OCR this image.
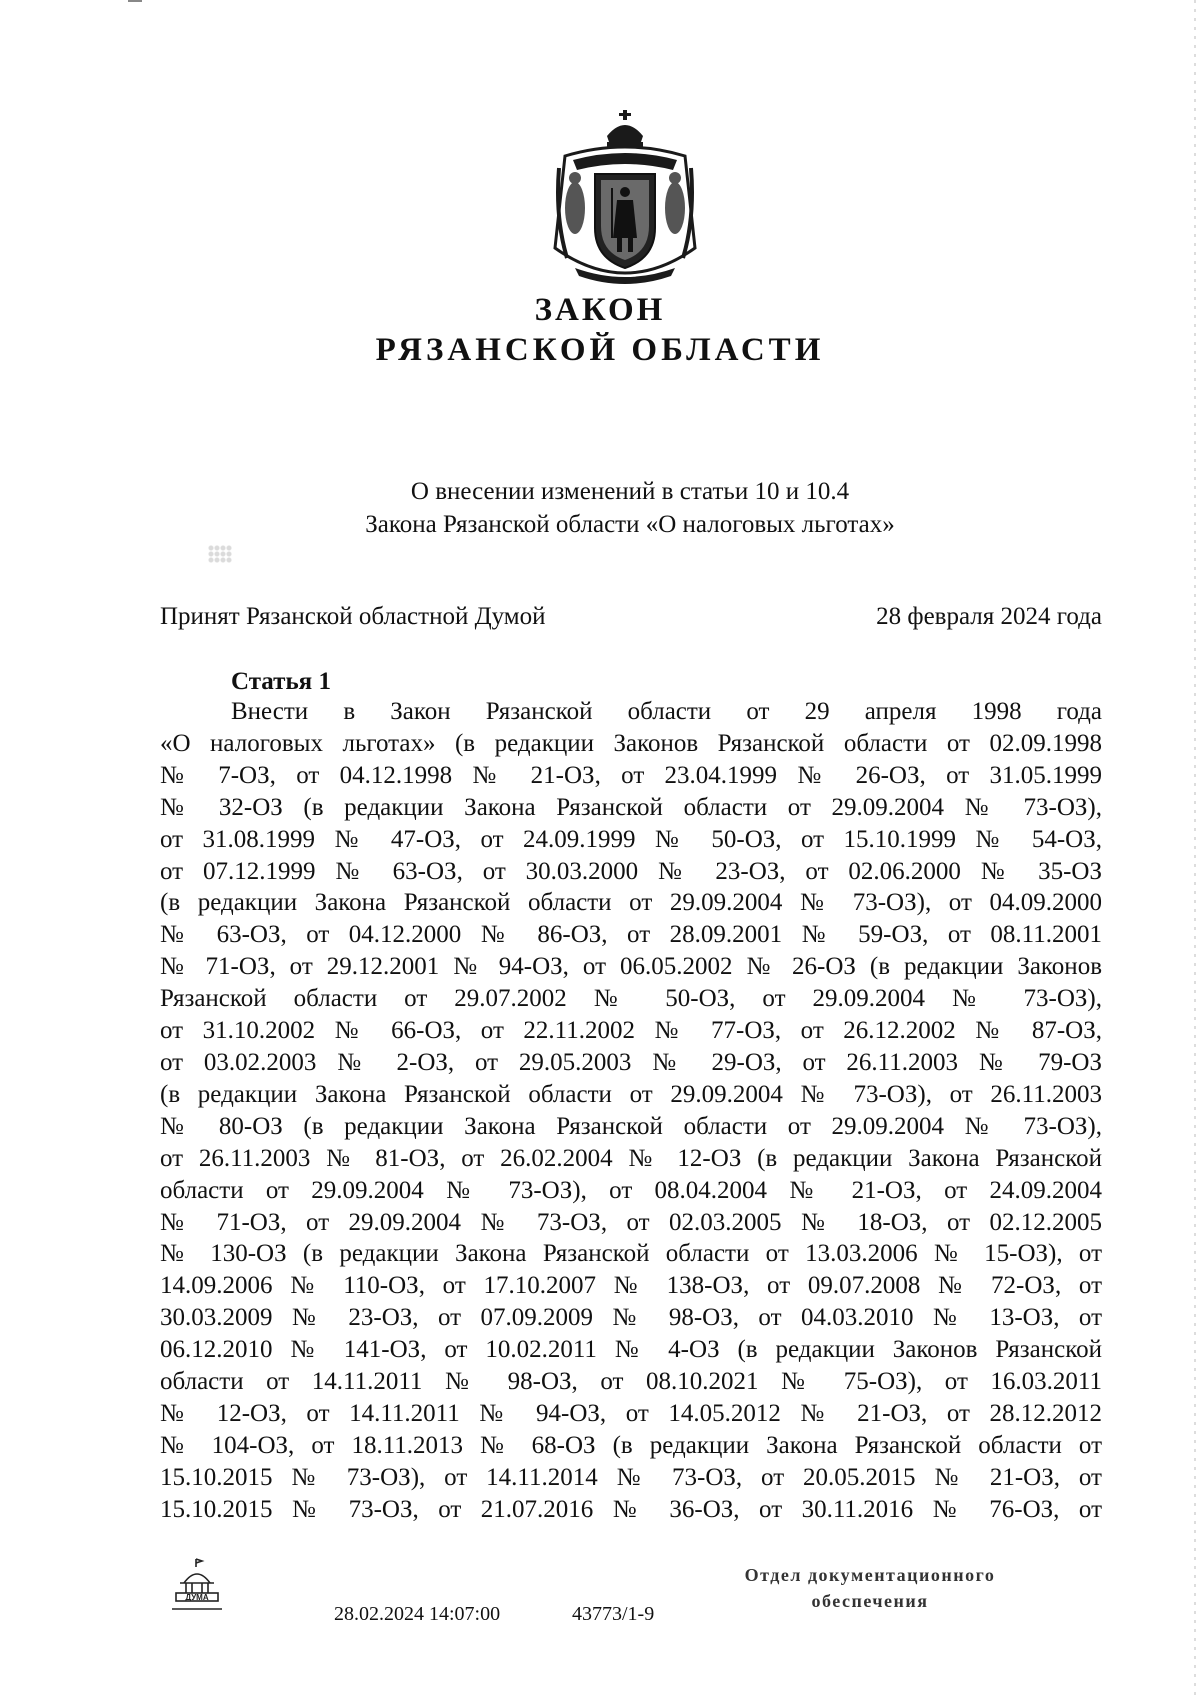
ЗАКОН
РЯЗАНСКОЙ ОБЛАСТИ
О внесении изменений в статьи 10 и 10.4
Закона Рязанской области «О налоговых льготах»
Принят Рязанской областной Думой	28 февраля 2024 года
Статья 1
Внести в Закон Рязанской области от 29 апреля 1998 года
«О налоговых льготах» (в редакции Законов Рязанской области от 02.09.1998
№ 7-ОЗ, от 04.12.1998 № 21-ОЗ, от 23.04.1999 № 26-ОЗ, от 31.05.1999
№ 32-ОЗ (в редакции Закона Рязанской области от 29.09.2004 № 73-ОЗ),
от 31.08.1999 № 47-ОЗ, от 24.09.1999 № 50-ОЗ, от 15.10.1999 № 54-ОЗ,
от 07.12.1999 № 63-ОЗ, от 30.03.2000 № 23-ОЗ, от 02.06.2000 № 35-ОЗ
(в редакции Закона Рязанской области от 29.09.2004 № 73-ОЗ), от 04.09.2000
№ 63-ОЗ, от 04.12.2000 № 86-ОЗ, от 28.09.2001 № 59-ОЗ, от 08.11.2001
№ 71-ОЗ, от 29.12.2001 № 94-ОЗ, от 06.05.2002 № 26-ОЗ (в редакции Законов
Рязанской области от 29.07.2002 № 50-ОЗ, от 29.09.2004 № 73-ОЗ),
от 31.10.2002 № 66-ОЗ, от 22.11.2002 № 77-ОЗ, от 26.12.2002 № 87-ОЗ,
от 03.02.2003 № 2-ОЗ, от 29.05.2003 № 29-ОЗ, от 26.11.2003 № 79-ОЗ
(в редакции Закона Рязанской области от 29.09.2004 № 73-ОЗ), от 26.11.2003
№ 80-ОЗ (в редакции Закона Рязанской области от 29.09.2004 № 73-ОЗ),
от 26.11.2003 № 81-ОЗ, от 26.02.2004 № 12-ОЗ (в редакции Закона Рязанской
области от 29.09.2004 № 73-ОЗ), от 08.04.2004 № 21-ОЗ, от 24.09.2004
№ 71-ОЗ, от 29.09.2004 № 73-ОЗ, от 02.03.2005 № 18-ОЗ, от 02.12.2005
№ 130-ОЗ (в редакции Закона Рязанской области от 13.03.2006 № 15-ОЗ), от
14.09.2006 № 110-ОЗ, от 17.10.2007 № 138-ОЗ, от 09.07.2008 № 72-ОЗ, от
30.03.2009 № 23-ОЗ, от 07.09.2009 № 98-ОЗ, от 04.03.2010 № 13-ОЗ, от
06.12.2010 № 141-ОЗ, от 10.02.2011 № 4-ОЗ (в редакции Законов Рязанской
области от 14.11.2011 № 98-ОЗ, от 08.10.2021 № 75-ОЗ), от 16.03.2011
№ 12-ОЗ, от 14.11.2011 № 94-ОЗ, от 14.05.2012 № 21-ОЗ, от 28.12.2012
№ 104-ОЗ, от 18.11.2013 № 68-ОЗ (в редакции Закона Рязанской области от
15.10.2015 № 73-ОЗ), от 14.11.2014 № 73-ОЗ, от 20.05.2015 № 21-ОЗ, от
15.10.2015 № 73-ОЗ, от 21.07.2016 № 36-ОЗ, от 30.11.2016 № 76-ОЗ, от
ДУМА
28.02.2024 14:07:00	43773/1-9
Отдел документационного
обеспечения
